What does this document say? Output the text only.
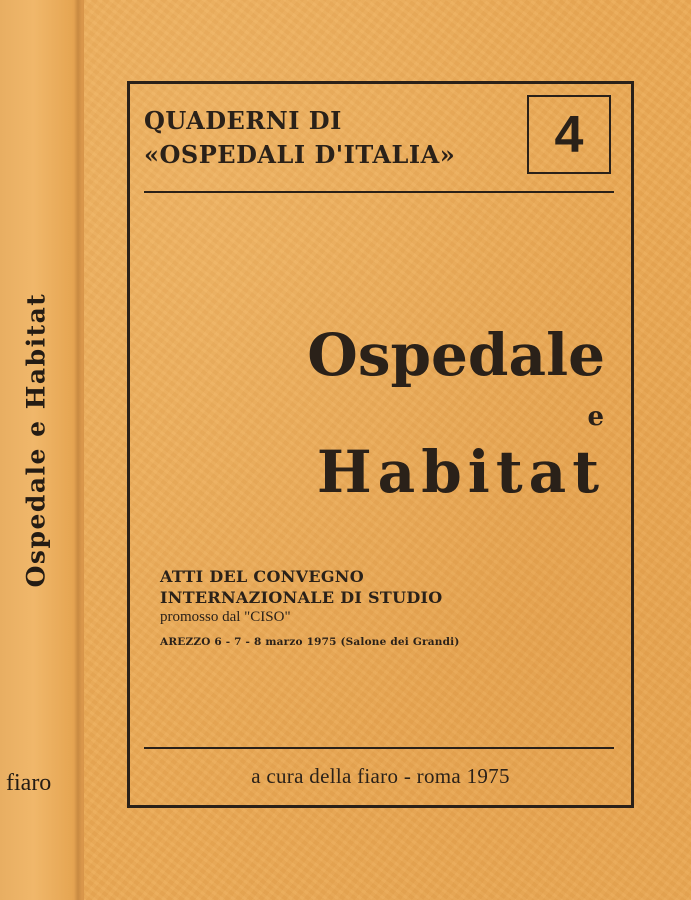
Ospedale e Habitat
fiaro
QUADERNI DI
«OSPEDALI D'ITALIA» 4
Ospedale
e
Habitat
ATTI DEL CONVEGNO
INTERNAZIONALE DI STUDIO
promosso dal "CISO"
AREZZO 6 - 7 - 8 marzo 1975 (Salone dei Grandi)
a cura della fiaro - roma 1975
